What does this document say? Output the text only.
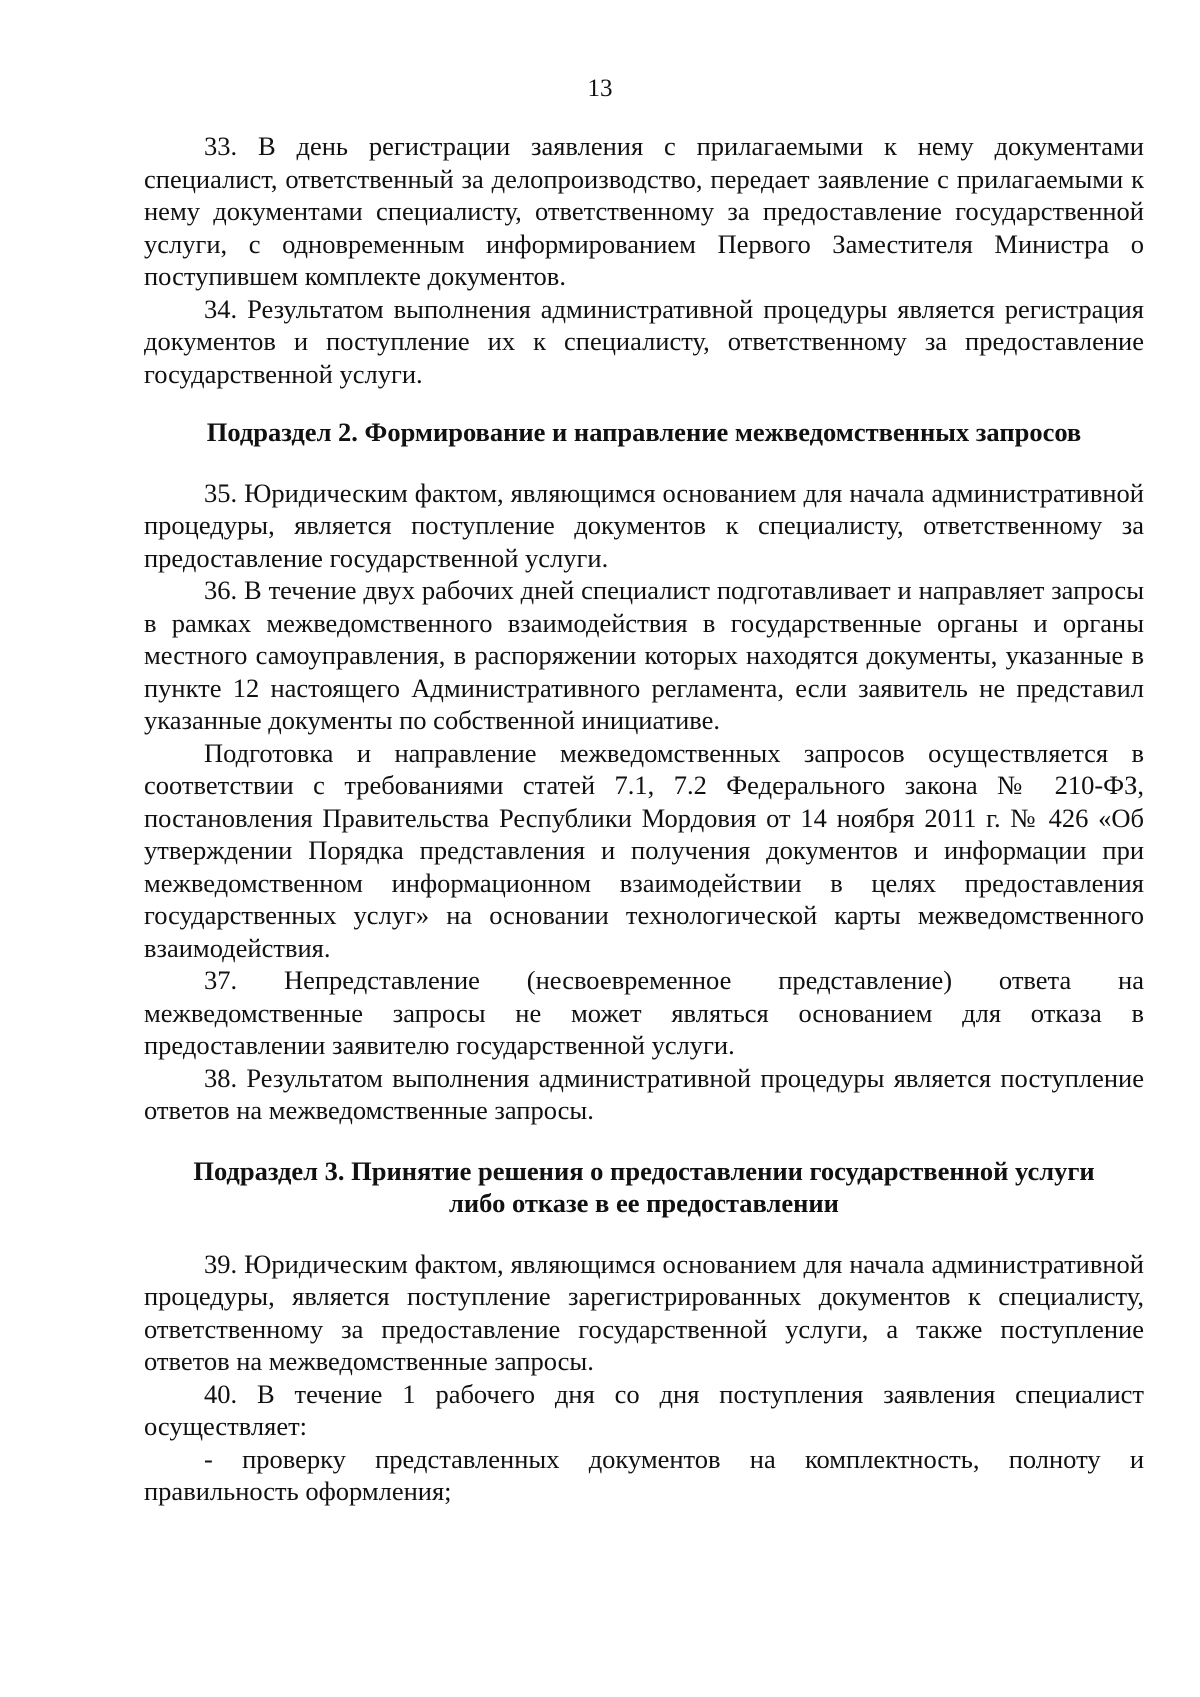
13

33. В день регистрации заявления с прилагаемыми к нему документами специалист, ответственный за делопроизводство, передает заявление с прилагаемыми к нему документами специалисту, ответственному за предоставление государственной услуги, с одновременным информированием Первого Заместителя Министра о поступившем комплекте документов.

34. Результатом выполнения административной процедуры является регистрация документов и поступление их к специалисту, ответственному за предоставление государственной услуги.

Подраздел 2. Формирование и направление межведомственных запросов

35. Юридическим фактом, являющимся основанием для начала административной процедуры, является поступление документов к специалисту, ответственному за предоставление государственной услуги.

36. В течение двух рабочих дней специалист подготавливает и направляет запросы в рамках межведомственного взаимодействия в государственные органы и органы местного самоуправления, в распоряжении которых находятся документы, указанные в пункте 12 настоящего Административного регламента, если заявитель не представил указанные документы по собственной инициативе.

Подготовка и направление межведомственных запросов осуществляется в соответствии с требованиями статей 7.1, 7.2 Федерального закона № 210-ФЗ, постановления Правительства Республики Мордовия от 14 ноября 2011 г. № 426 «Об утверждении Порядка представления и получения документов и информации при межведомственном информационном взаимодействии в целях предоставления государственных услуг» на основании технологической карты межведомственного взаимодействия.

37. Непредставление (несвоевременное представление) ответа на межведомственные запросы не может являться основанием для отказа в предоставлении заявителю государственной услуги.

38. Результатом выполнения административной процедуры является поступление ответов на межведомственные запросы.

Подраздел 3. Принятие решения о предоставлении государственной услуги либо отказе в ее предоставлении

39. Юридическим фактом, являющимся основанием для начала административной процедуры, является поступление зарегистрированных документов к специалисту, ответственному за предоставление государственной услуги, а также поступление ответов на межведомственные запросы.

40. В течение 1 рабочего дня со дня поступления заявления специалист осуществляет:

- проверку представленных документов на комплектность, полноту и правильность оформления;
